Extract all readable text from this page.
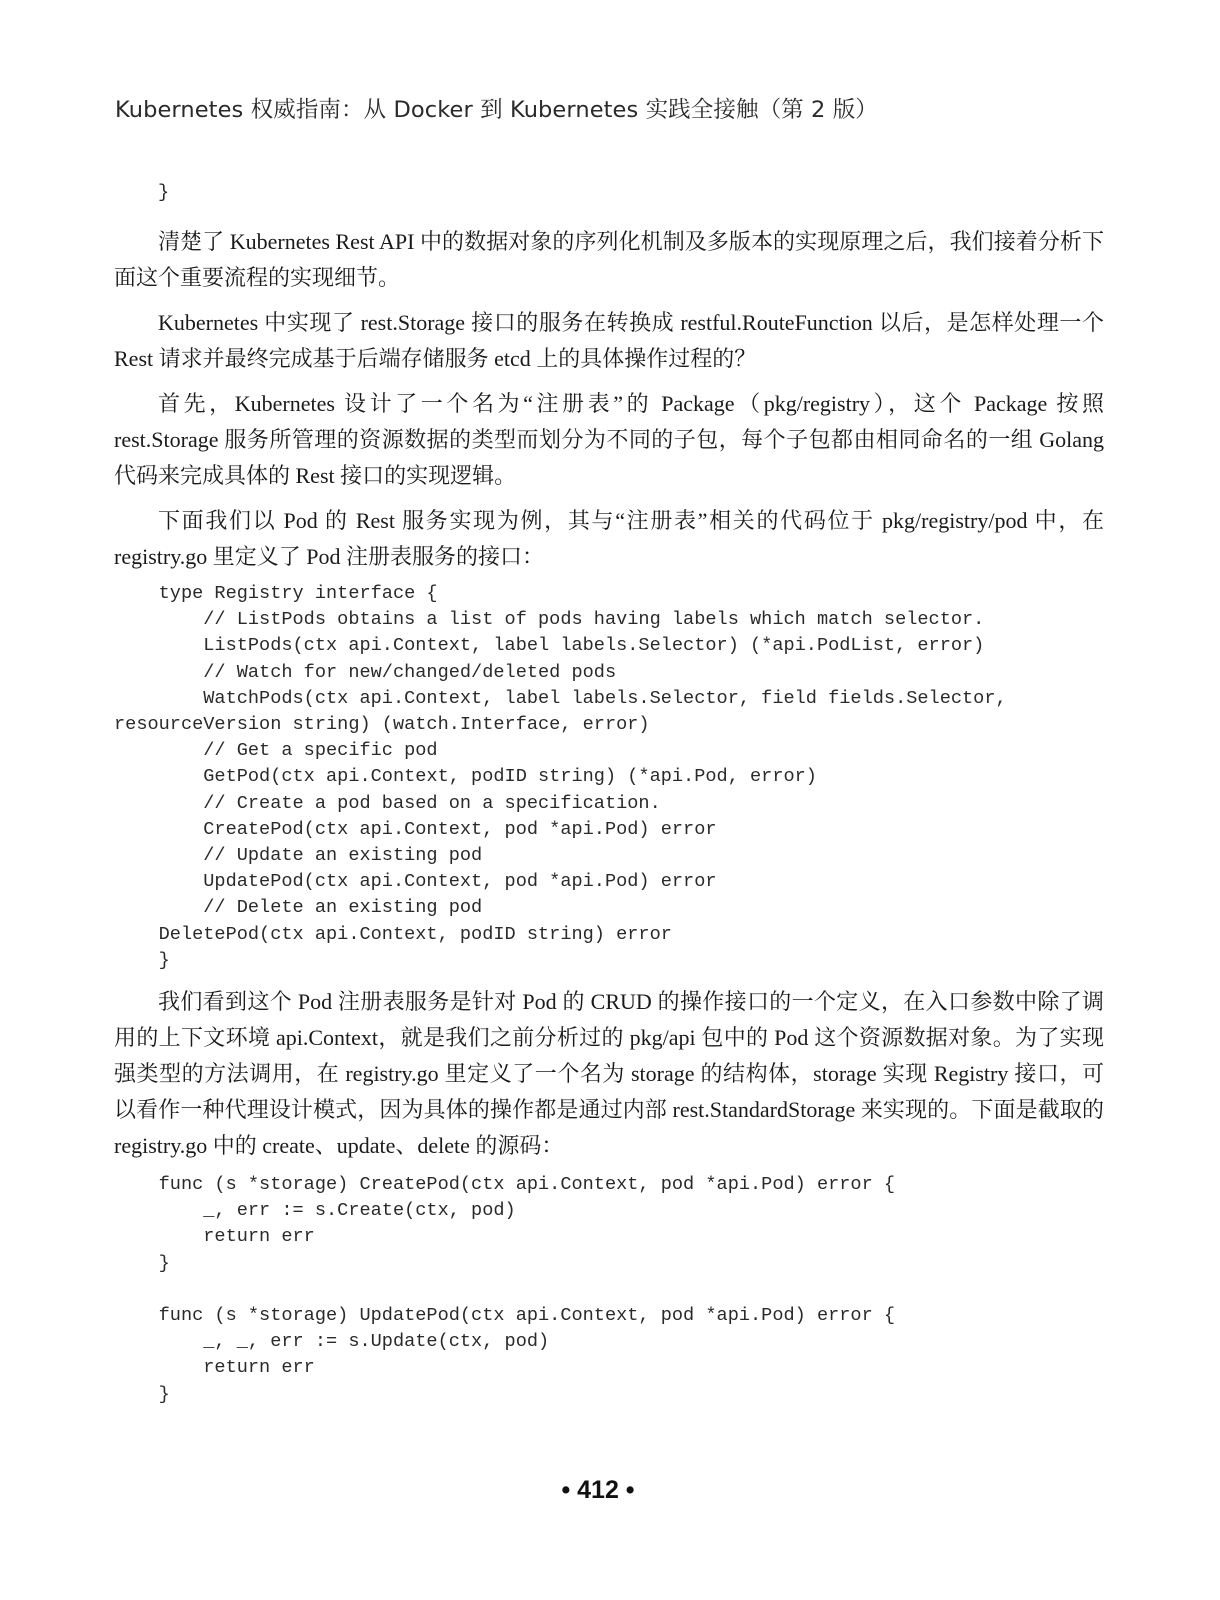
Kubernetes 权威指南：从 Docker 到 Kubernetes 实践全接触（第 2 版）
}

清楚了 Kubernetes Rest API 中的数据对象的序列化机制及多版本的实现原理之后，我们接着分析下面这个重要流程的实现细节。

Kubernetes 中实现了 rest.Storage 接口的服务在转换成 restful.RouteFunction 以后，是怎样处理一个 Rest 请求并最终完成基于后端存储服务 etcd 上的具体操作过程的？

首先，Kubernetes 设计了一个名为“注册表”的 Package（pkg/registry），这个 Package 按照 rest.Storage 服务所管理的资源数据的类型而划分为不同的子包，每个子包都由相同命名的一组 Golang 代码来完成具体的 Rest 接口的实现逻辑。

下面我们以 Pod 的 Rest 服务实现为例，其与“注册表”相关的代码位于 pkg/registry/pod 中，在 registry.go 里定义了 Pod 注册表服务的接口：

type Registry interface {
// ListPods obtains a list of pods having labels which match selector.
ListPods(ctx api.Context, label labels.Selector) (*api.PodList, error)
// Watch for new/changed/deleted pods
WatchPods(ctx api.Context, label labels.Selector, field fields.Selector,
resourceVersion string) (watch.Interface, error)
// Get a specific pod
GetPod(ctx api.Context, podID string) (*api.Pod, error)
// Create a pod based on a specification.
CreatePod(ctx api.Context, pod *api.Pod) error
// Update an existing pod
UpdatePod(ctx api.Context, pod *api.Pod) error
// Delete an existing pod
DeletePod(ctx api.Context, podID string) error
}

我们看到这个 Pod 注册表服务是针对 Pod 的 CRUD 的操作接口的一个定义，在入口参数中除了调用的上下文环境 api.Context，就是我们之前分析过的 pkg/api 包中的 Pod 这个资源数据对象。为了实现强类型的方法调用，在 registry.go 里定义了一个名为 storage 的结构体，storage 实现 Registry 接口，可以看作一种代理设计模式，因为具体的操作都是通过内部 rest.StandardStorage 来实现的。下面是截取的 registry.go 中的 create、update、delete 的源码：

func (s *storage) CreatePod(ctx api.Context, pod *api.Pod) error {
_, err := s.Create(ctx, pod)
return err
}

func (s *storage) UpdatePod(ctx api.Context, pod *api.Pod) error {
_, _, err := s.Update(ctx, pod)
return err
}
• 412 •
